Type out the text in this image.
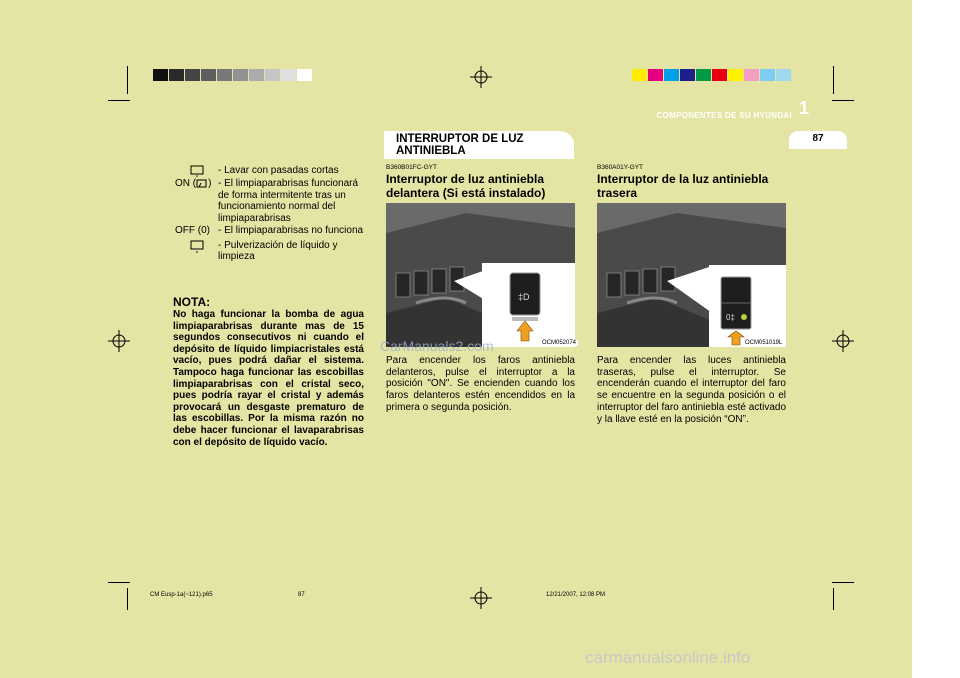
COMPONENTES DE SU HYUNDAI 1
87
INTERRUPTOR DE LUZ ANTINIEBLA
- Lavar con pasadas cortas
ON ( ) - El limpiaparabrisas funcionará de forma intermitente tras un funcionamiento normal del limpiaparabrisas
OFF (0) - El limpiaparabrisas no funciona
- Pulverización de líquido y limpieza
NOTA:
No haga funcionar la bomba de agua limpiaparabrisas durante mas de 15 segundos consecutivos ni cuando el depósito de líquido limpiacristales está vacío, pues podrá dañar el sistema. Tampoco haga funcionar las escobillas limpiaparabrisas con el cristal seco, pues podría rayar el cristal y además provocará un desgaste prematuro de las escobillas. Por la misma razón no debe hacer funcionar el lavaparabrisas con el depósito de líquido vacío.
B360B01FC-GYT
Interruptor de luz antiniebla delantera (Si está instalado)
‡D
OCM052074
Para encender los faros antiniebla delanteros, pulse el interruptor a la posición "ON". Se encienden cuando los faros delanteros estén encendidos en la primera o segunda posición.
B360A01Y-GYT
Interruptor de la luz antiniebla trasera
0‡
OCM051019L
Para encender las luces antiniebla traseras, pulse el interruptor. Se encenderán cuando el interruptor del faro se encuentre en la segunda posición o el interruptor del faro antiniebla esté activado y la llave esté en la posición “ON”.
CM Eusp-1a(~121).p65	87	12/21/2007, 12:08 PM
CarManuals2.com
carmanualsonline.info
